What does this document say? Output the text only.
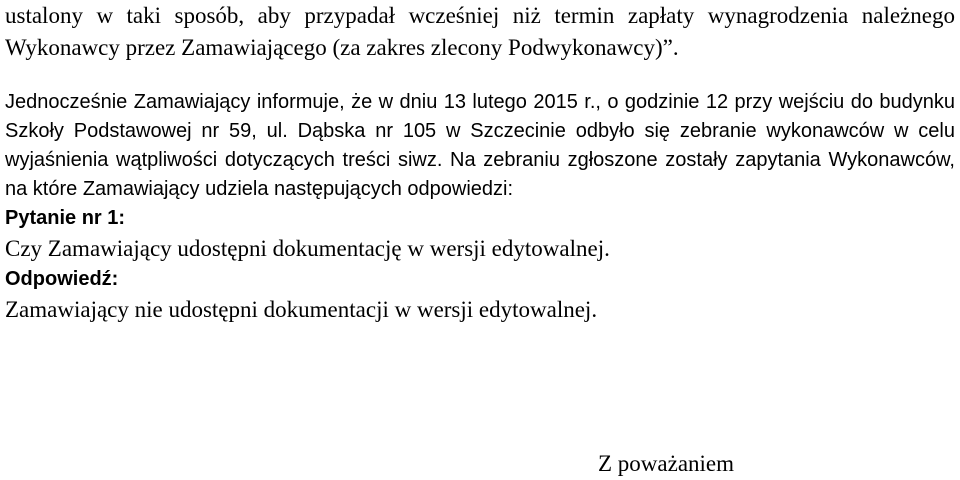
ustalony w taki sposób, aby przypadał wcześniej niż termin zapłaty wynagrodzenia należnego Wykonawcy przez Zamawiającego (za zakres zlecony Podwykonawcy)”.

Jednocześnie Zamawiający informuje, że w dniu 13 lutego 2015 r., o godzinie 12 przy wejściu do budynku Szkoły Podstawowej nr 59, ul. Dąbska nr 105 w Szczecinie odbyło się zebranie wykonawców w celu wyjaśnienia wątpliwości dotyczących treści siwz. Na zebraniu zgłoszone zostały zapytania Wykonawców, na które Zamawiający udziela następujących odpowiedzi:

Pytanie nr 1:

Czy Zamawiający udostępni dokumentację w wersji edytowalnej.

Odpowiedź:

Zamawiający nie udostępni dokumentacji w wersji edytowalnej.

Z poważaniem
